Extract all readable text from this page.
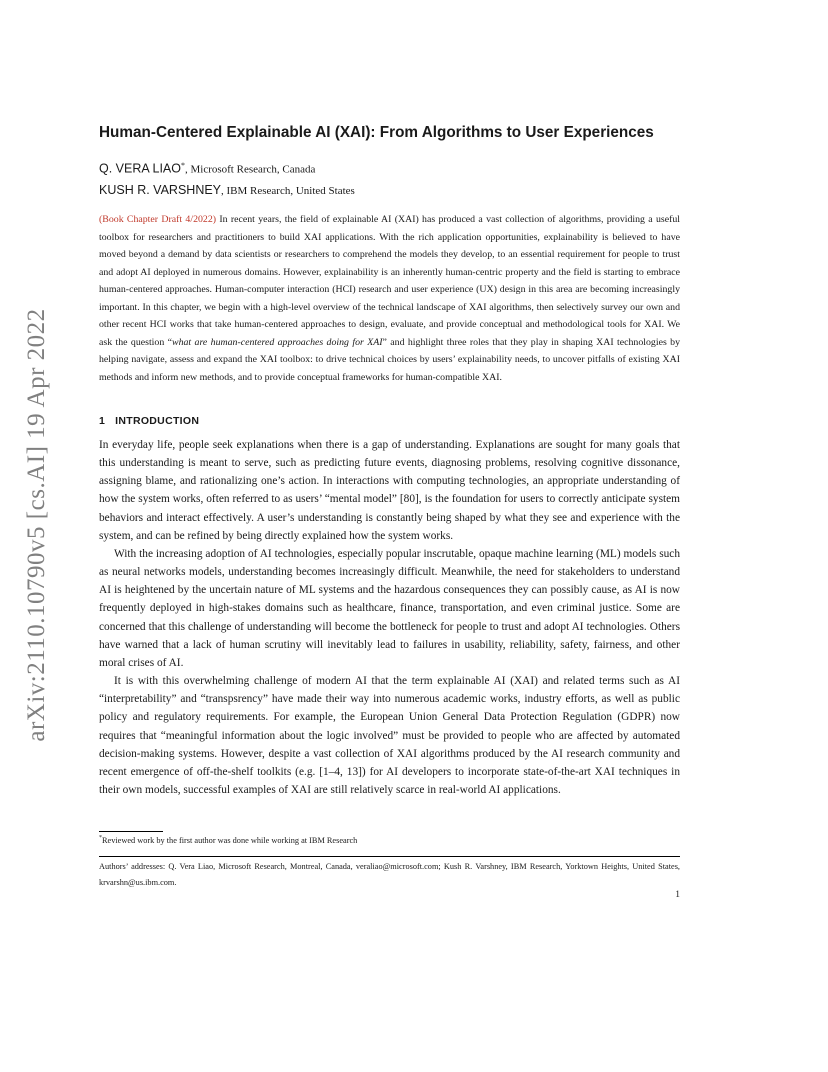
arXiv:2110.10790v5 [cs.AI] 19 Apr 2022
Human-Centered Explainable AI (XAI): From Algorithms to User Experiences

Q. VERA LIAO*, Microsoft Research, Canada

KUSH R. VARSHNEY, IBM Research, United States

(Book Chapter Draft 4/2022) In recent years, the field of explainable AI (XAI) has produced a vast collection of algorithms, providing a useful toolbox for researchers and practitioners to build XAI applications. With the rich application opportunities, explainability is believed to have moved beyond a demand by data scientists or researchers to comprehend the models they develop, to an essential requirement for people to trust and adopt AI deployed in numerous domains. However, explainability is an inherently human-centric property and the field is starting to embrace human-centered approaches. Human-computer interaction (HCI) research and user experience (UX) design in this area are becoming increasingly important. In this chapter, we begin with a high-level overview of the technical landscape of XAI algorithms, then selectively survey our own and other recent HCI works that take human-centered approaches to design, evaluate, and provide conceptual and methodological tools for XAI. We ask the question “what are human-centered approaches doing for XAI” and highlight three roles that they play in shaping XAI technologies by helping navigate, assess and expand the XAI toolbox: to drive technical choices by users’ explainability needs, to uncover pitfalls of existing XAI methods and inform new methods, and to provide conceptual frameworks for human-compatible XAI.

1 INTRODUCTION

In everyday life, people seek explanations when there is a gap of understanding. Explanations are sought for many goals that this understanding is meant to serve, such as predicting future events, diagnosing problems, resolving cognitive dissonance, assigning blame, and rationalizing one’s action. In interactions with computing technologies, an appropriate understanding of how the system works, often referred to as users’ “mental model” [80], is the foundation for users to correctly anticipate system behaviors and interact effectively. A user’s understanding is constantly being shaped by what they see and experience with the system, and can be refined by being directly explained how the system works.

With the increasing adoption of AI technologies, especially popular inscrutable, opaque machine learning (ML) models such as neural networks models, understanding becomes increasingly difficult. Meanwhile, the need for stakeholders to understand AI is heightened by the uncertain nature of ML systems and the hazardous consequences they can possibly cause, as AI is now frequently deployed in high-stakes domains such as healthcare, finance, transportation, and even criminal justice. Some are concerned that this challenge of understanding will become the bottleneck for people to trust and adopt AI technologies. Others have warned that a lack of human scrutiny will inevitably lead to failures in usability, reliability, safety, fairness, and other moral crises of AI.

It is with this overwhelming challenge of modern AI that the term explainable AI (XAI) and related terms such as AI “interpretability” and “transpsrency” have made their way into numerous academic works, industry efforts, as well as public policy and regulatory requirements. For example, the European Union General Data Protection Regulation (GDPR) now requires that “meaningful information about the logic involved” must be provided to people who are affected by automated decision-making systems. However, despite a vast collection of XAI algorithms produced by the AI research community and recent emergence of off-the-shelf toolkits (e.g. [1–4, 13]) for AI developers to incorporate state-of-the-art XAI techniques in their own models, successful examples of XAI are still relatively scarce in real-world AI applications.

*Reviewed work by the first author was done while working at IBM Research

Authors’ addresses: Q. Vera Liao, Microsoft Research, Montreal, Canada, veraliao@microsoft.com; Kush R. Varshney, IBM Research, Yorktown Heights, United States, krvarshn@us.ibm.com.

1
